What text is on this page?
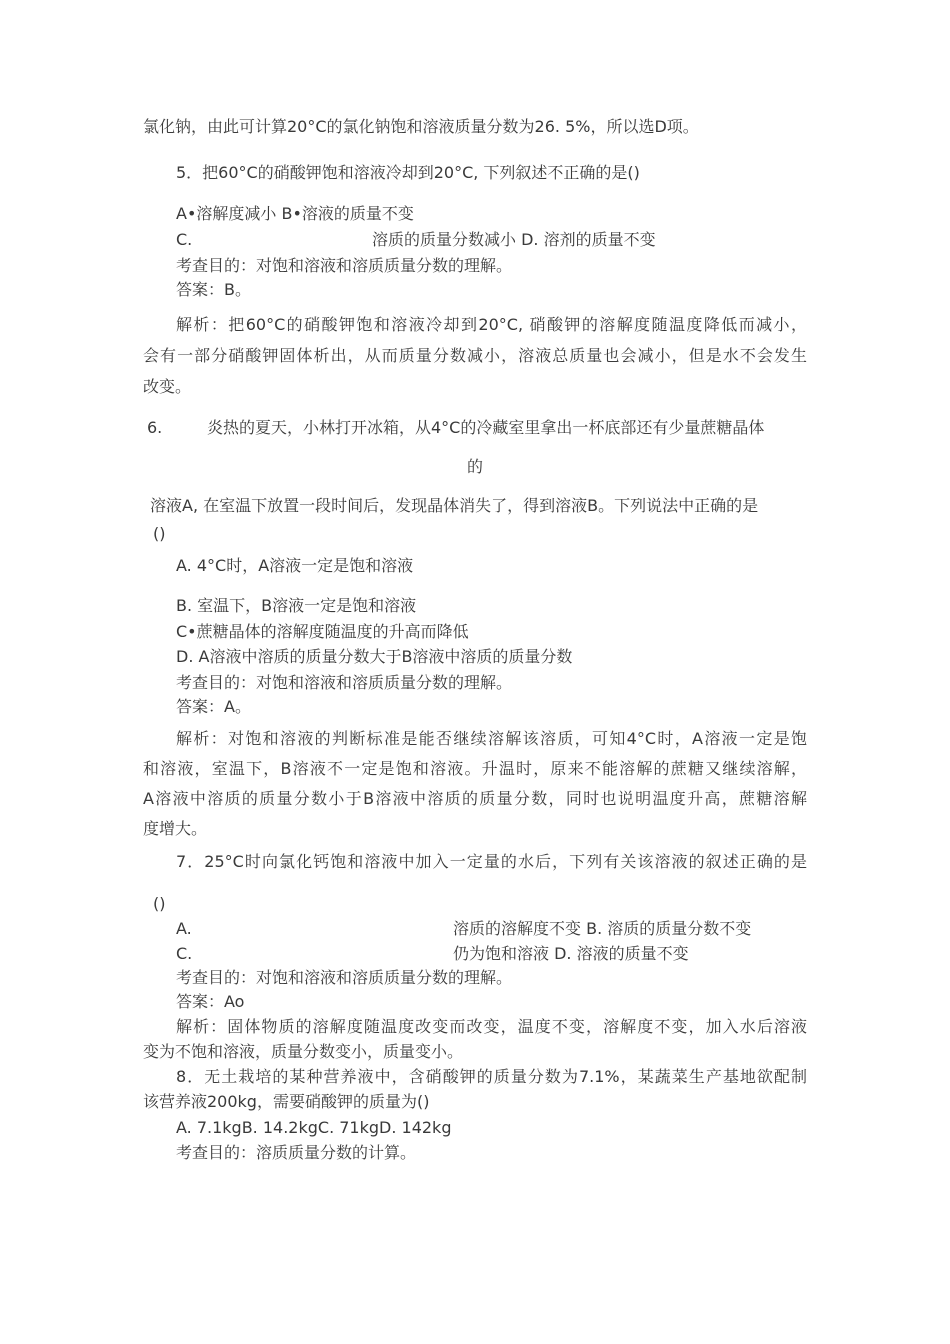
氯化钠，由此可计算20°C的氯化钠饱和溶液质量分数为26. 5%，所以选D项。
5．把60°C的硝酸钾饱和溶液冷却到20°C, 下列叙述不正确的是()
A•溶解度减小 B•溶液的质量不变
C.	溶质的质量分数减小 D. 溶剂的质量不变
考查目的：对饱和溶液和溶质质量分数的理解。
答案：B。
解析：把60°C的硝酸钾饱和溶液冷却到20°C, 硝酸钾的溶解度随温度降低而减小，
会有一部分硝酸钾固体析出，从而质量分数减小，溶液总质量也会减小，但是水不会发生
改变。
6.	炎热的夏天，小林打开冰箱，从4°C的冷藏室里拿出一杯底部还有少量蔗糖晶体
的
溶液A, 在室温下放置一段时间后，发现晶体消失了，得到溶液B。下列说法中正确的是
()
A. 4°C时，A溶液一定是饱和溶液
B. 室温下，B溶液一定是饱和溶液
C•蔗糖晶体的溶解度随温度的升高而降低
D. A溶液中溶质的质量分数大于B溶液中溶质的质量分数
考查目的：对饱和溶液和溶质质量分数的理解。
答案：A。
解析：对饱和溶液的判断标准是能否继续溶解该溶质，可知4°C时，A溶液一定是饱
和溶液，室温下，B溶液不一定是饱和溶液。升温时，原来不能溶解的蔗糖又继续溶解，
A溶液中溶质的质量分数小于B溶液中溶质的质量分数，同时也说明温度升高，蔗糖溶解
度增大。
7．25°C时向氯化钙饱和溶液中加入一定量的水后，下列有关该溶液的叙述正确的是
()
A.	溶质的溶解度不变 B. 溶质的质量分数不变
C.	仍为饱和溶液 D. 溶液的质量不变
考查目的：对饱和溶液和溶质质量分数的理解。
答案：Ao
解析：固体物质的溶解度随温度改变而改变，温度不变，溶解度不变，加入水后溶液
变为不饱和溶液，质量分数变小，质量变小。
8．无土栽培的某种营养液中，含硝酸钾的质量分数为7.1%，某蔬菜生产基地欲配制
该营养液200kg，需要硝酸钾的质量为()
A. 7.1kgB. 14.2kgC. 71kgD. 142kg
考查目的：溶质质量分数的计算。
